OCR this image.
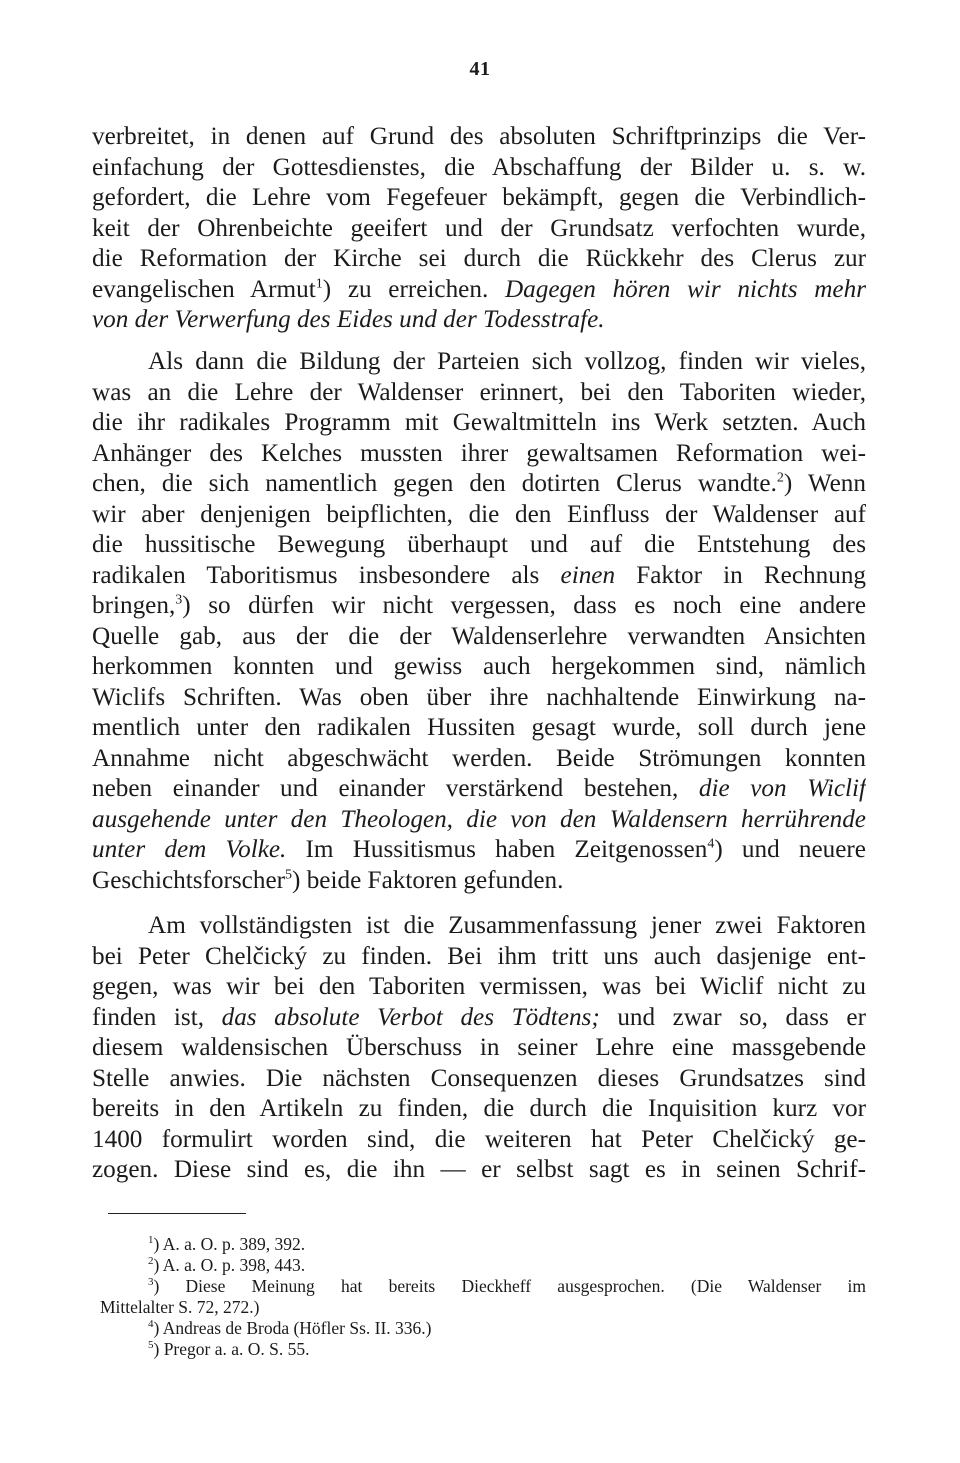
41
verbreitet, in denen auf Grund des absoluten Schriftprinzips die Ver-
einfachung der Gottesdienstes, die Abschaffung der Bilder u. s. w.
gefordert, die Lehre vom Fegefeuer bekämpft, gegen die Verbindlich-
keit der Ohrenbeichte geeifert und der Grundsatz verfochten wurde,
die Reformation der Kirche sei durch die Rückkehr des Clerus zur
evangelischen Armut$^1$) zu erreichen. Dagegen hören wir nichts mehr
von der Verwerfung des Eides und der Todesstrafe.
Als dann die Bildung der Parteien sich vollzog, finden wir vieles,
was an die Lehre der Waldenser erinnert, bei den Taboriten wieder,
die ihr radikales Programm mit Gewaltmitteln ins Werk setzten. Auch
Anhänger des Kelches mussten ihrer gewaltsamen Reformation wei-
chen, die sich namentlich gegen den dotirten Clerus wandte.$^2$) Wenn
wir aber denjenigen beipflichten, die den Einfluss der Waldenser auf
die hussitische Bewegung überhaupt und auf die Entstehung des
radikalen Taboritismus insbesondere als einen Faktor in Rechnung
bringen,$^3$) so dürfen wir nicht vergessen, dass es noch eine andere
Quelle gab, aus der die der Waldenserlehre verwandten Ansichten
herkommen konnten und gewiss auch hergekommen sind, nämlich
Wiclifs Schriften. Was oben über ihre nachhaltende Einwirkung na-
mentlich unter den radikalen Hussiten gesagt wurde, soll durch jene
Annahme nicht abgeschwächt werden. Beide Strömungen konnten
neben einander und einander verstärkend bestehen, die von Wiclif
ausgehende unter den Theologen, die von den Waldensern herrührende
unter dem Volke. Im Hussitismus haben Zeitgenossen$^4$) und neuere
Geschichtsforscher$^5$) beide Faktoren gefunden.
Am vollständigsten ist die Zusammenfassung jener zwei Faktoren
bei Peter Chelčický zu finden. Bei ihm tritt uns auch dasjenige ent-
gegen, was wir bei den Taboriten vermissen, was bei Wiclif nicht zu
finden ist, das absolute Verbot des Tödtens; und zwar so, dass er
diesem waldensischen Überschuss in seiner Lehre eine massgebende
Stelle anwies. Die nächsten Consequenzen dieses Grundsatzes sind
bereits in den Artikeln zu finden, die durch die Inquisition kurz vor
1400 formulirt worden sind, die weiteren hat Peter Chelčický ge-
zogen. Diese sind es, die ihn — er selbst sagt es in seinen Schrif-
$^1$) A. a. O. p. 389, 392.
$^2$) A. a. O. p. 398, 443.
$^3$) Diese Meinung hat bereits Dieckheff ausgesprochen. (Die Waldenser im
Mittelalter S. 72, 272.)
$^4$) Andreas de Broda (Höfler Ss. II. 336.)
$^5$) Pregor a. a. O. S. 55.
